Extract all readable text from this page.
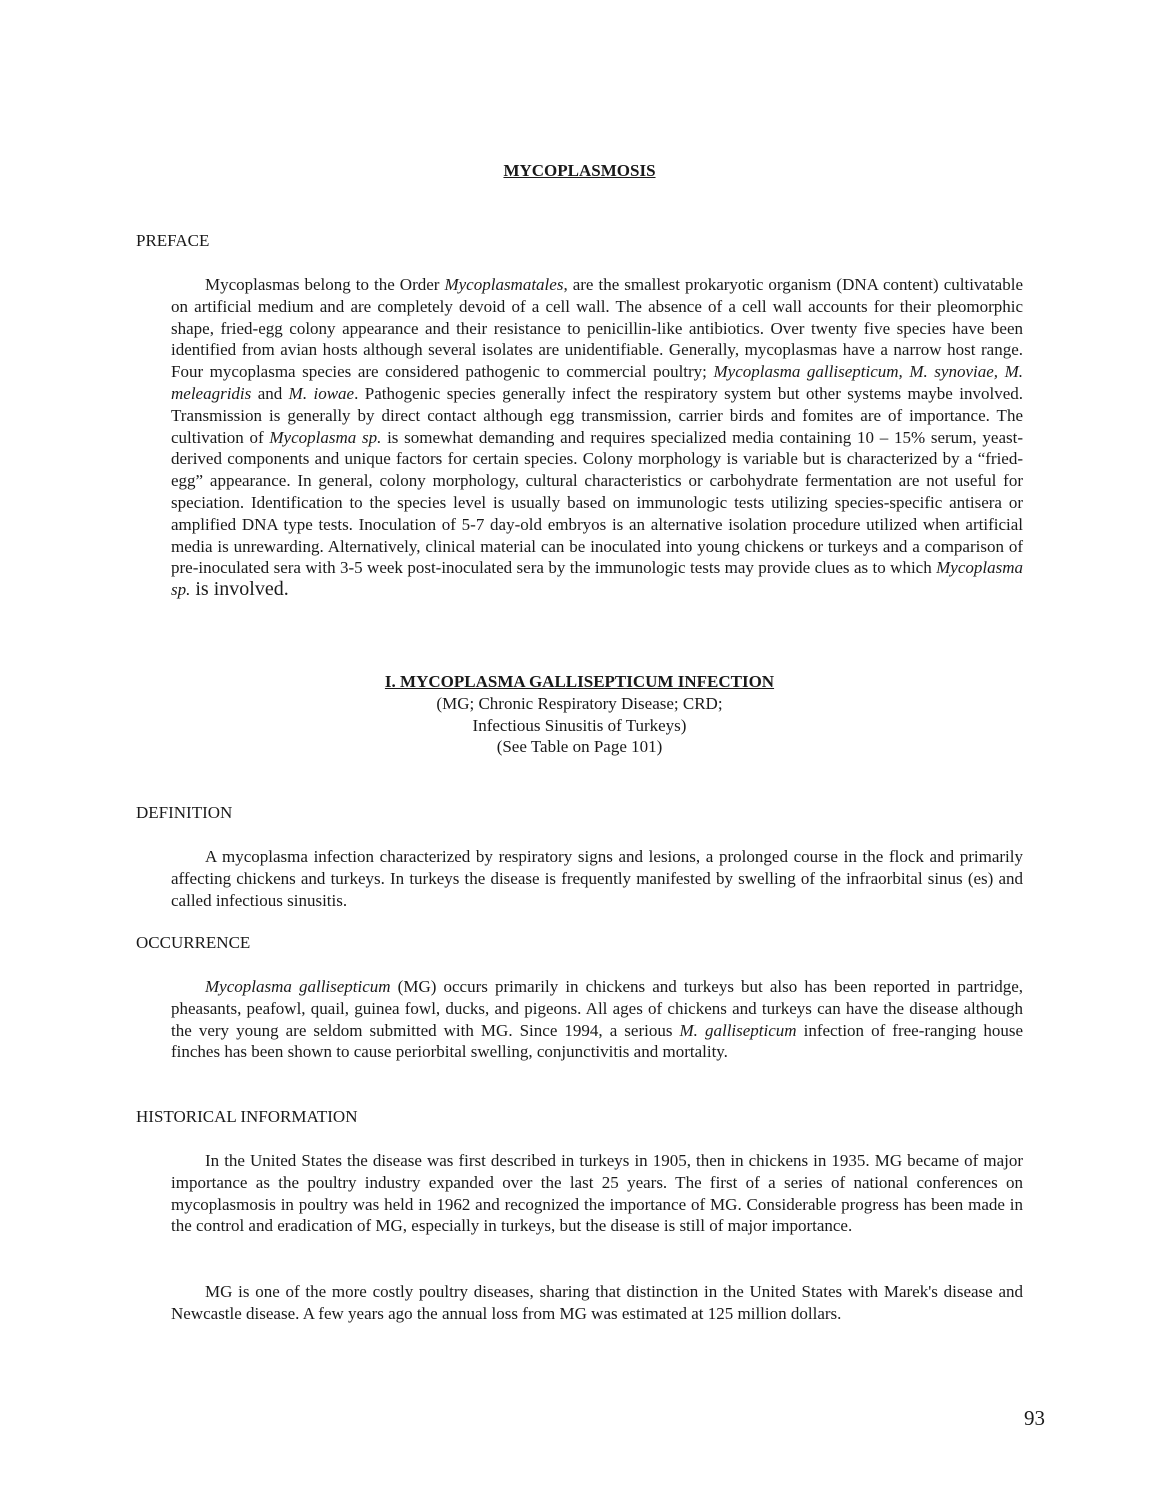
MYCOPLASMOSIS
PREFACE
Mycoplasmas belong to the Order Mycoplasmatales, are the smallest prokaryotic organism (DNA content) cultivatable on artificial medium and are completely devoid of a cell wall. The absence of a cell wall accounts for their pleomorphic shape, fried-egg colony appearance and their resistance to penicillin-like antibiotics. Over twenty five species have been identified from avian hosts although several isolates are unidentifiable. Generally, mycoplasmas have a narrow host range. Four mycoplasma species are considered pathogenic to commercial poultry; Mycoplasma gallisepticum, M. synoviae, M. meleagridis and M. iowae. Pathogenic species generally infect the respiratory system but other systems maybe involved. Transmission is generally by direct contact although egg transmission, carrier birds and fomites are of importance. The cultivation of Mycoplasma sp. is somewhat demanding and requires specialized media containing 10 – 15% serum, yeast-derived components and unique factors for certain species. Colony morphology is variable but is characterized by a “fried-egg” appearance. In general, colony morphology, cultural characteristics or carbohydrate fermentation are not useful for speciation. Identification to the species level is usually based on immunologic tests utilizing species-specific antisera or amplified DNA type tests. Inoculation of 5-7 day-old embryos is an alternative isolation procedure utilized when artificial media is unrewarding. Alternatively, clinical material can be inoculated into young chickens or turkeys and a comparison of pre-inoculated sera with 3-5 week post-inoculated sera by the immunologic tests may provide clues as to which Mycoplasma sp. is involved.
I. MYCOPLASMA GALLISEPTICUM INFECTION
(MG; Chronic Respiratory Disease; CRD;
Infectious Sinusitis of Turkeys)
(See Table on Page 101)
DEFINITION
A mycoplasma infection characterized by respiratory signs and lesions, a prolonged course in the flock and primarily affecting chickens and turkeys. In turkeys the disease is frequently manifested by swelling of the infraorbital sinus (es) and called infectious sinusitis.
OCCURRENCE
Mycoplasma gallisepticum (MG) occurs primarily in chickens and turkeys but also has been reported in partridge, pheasants, peafowl, quail, guinea fowl, ducks, and pigeons. All ages of chickens and turkeys can have the disease although the very young are seldom submitted with MG. Since 1994, a serious M. gallisepticum infection of free-ranging house finches has been shown to cause periorbital swelling, conjunctivitis and mortality.
HISTORICAL INFORMATION
In the United States the disease was first described in turkeys in 1905, then in chickens in 1935. MG became of major importance as the poultry industry expanded over the last 25 years. The first of a series of national conferences on mycoplasmosis in poultry was held in 1962 and recognized the importance of MG. Considerable progress has been made in the control and eradication of MG, especially in turkeys, but the disease is still of major importance.
MG is one of the more costly poultry diseases, sharing that distinction in the United States with Marek's disease and Newcastle disease. A few years ago the annual loss from MG was estimated at 125 million dollars.
93
